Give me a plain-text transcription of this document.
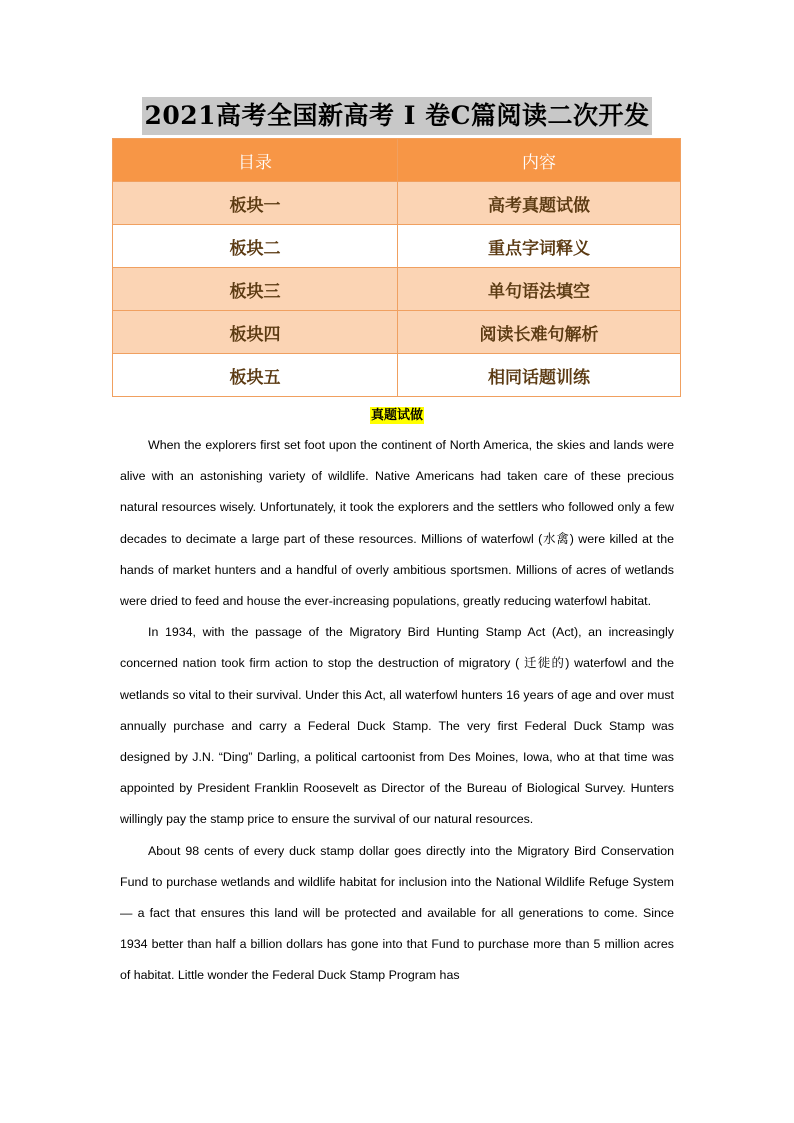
2021高考全国新高考 I 卷C篇阅读二次开发
目录	内容
板块一	高考真题试做
板块二	重点字词释义
板块三	单句语法填空
板块四	阅读长难句解析
板块五	相同话题训练
真题试做

When the explorers first set foot upon the continent of North America, the skies and lands were alive with an astonishing variety of wildlife. Native Americans had taken care of these precious natural resources wisely. Unfortunately, it took the explorers and the settlers who followed only a few decades to decimate a large part of these resources. Millions of waterfowl (水禽) were killed at the hands of market hunters and a handful of overly ambitious sportsmen. Millions of acres of wetlands were dried to feed and house the ever-increasing populations, greatly reducing waterfowl habitat.

In 1934, with the passage of the Migratory Bird Hunting Stamp Act (Act), an increasingly concerned nation took firm action to stop the destruction of migratory ( 迁徙的) waterfowl and the wetlands so vital to their survival. Under this Act, all waterfowl hunters 16 years of age and over must annually purchase and carry a Federal Duck Stamp. The very first Federal Duck Stamp was designed by J.N. “Ding” Darling, a political cartoonist from Des Moines, Iowa, who at that time was appointed by President Franklin Roosevelt as Director of the Bureau of Biological Survey. Hunters willingly pay the stamp price to ensure the survival of our natural resources.

About 98 cents of every duck stamp dollar goes directly into the Migratory Bird Conservation Fund to purchase wetlands and wildlife habitat for inclusion into the National Wildlife Refuge System — a fact that ensures this land will be protected and available for all generations to come. Since 1934 better than half a billion dollars has gone into that Fund to purchase more than 5 million acres of habitat. Little wonder the Federal Duck Stamp Program has
